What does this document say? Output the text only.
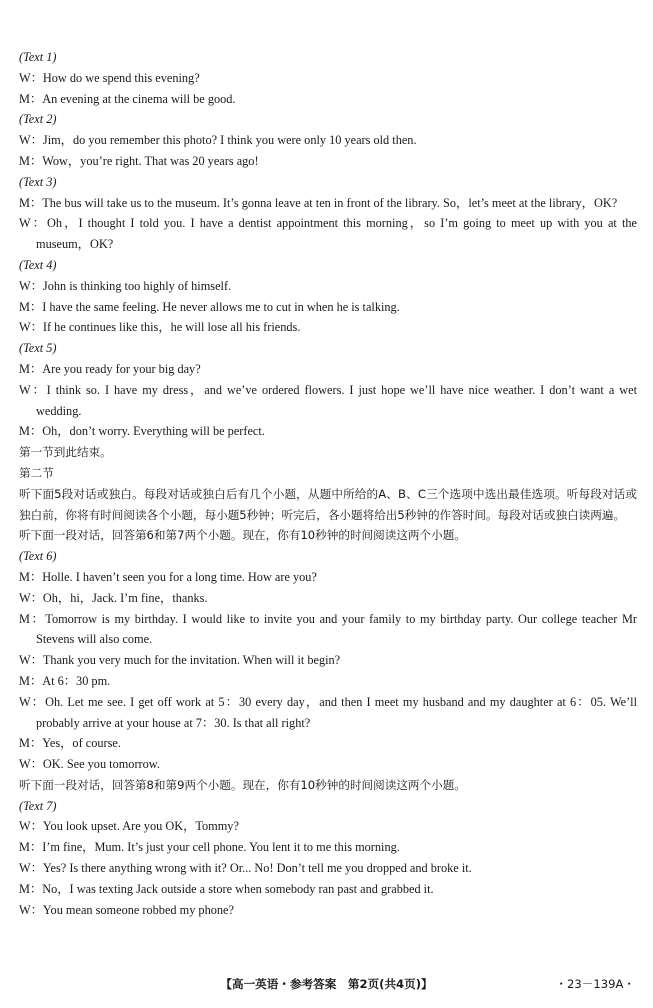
(Text 1)
W：How do we spend this evening?
M：An evening at the cinema will be good.
(Text 2)
W：Jim，do you remember this photo? I think you were only 10 years old then.
M：Wow，you’re right. That was 20 years ago!
(Text 3)
M：The bus will take us to the museum. It’s gonna leave at ten in front of the library. So，let’s meet at the library，OK?
W：Oh，I thought I told you. I have a dentist appointment this morning，so I’m going to meet up with you at the museum，OK?
(Text 4)
W：John is thinking too highly of himself.
M：I have the same feeling. He never allows me to cut in when he is talking.
W：If he continues like this，he will lose all his friends.
(Text 5)
M：Are you ready for your big day?
W：I think so. I have my dress，and we’ve ordered flowers. I just hope we’ll have nice weather. I don’t want a wet wedding.
M：Oh，don’t worry. Everything will be perfect.
第一节到此结束。
第二节
听下面5段对话或独白。每段对话或独白后有几个小题，从题中所给的A、B、C三个选项中选出最佳选项。听每段对话或独白前，你将有时间阅读各个小题，每小题5秒钟；听完后，各小题将给出5秒钟的作答时间。每段对话或独白读两遍。
听下面一段对话，回答第6和第7两个小题。现在，你有10秒钟的时间阅读这两个小题。
(Text 6)
M：Holle. I haven’t seen you for a long time. How are you?
W：Oh，hi，Jack. I’m fine，thanks.
M：Tomorrow is my birthday. I would like to invite you and your family to my birthday party. Our college teacher Mr Stevens will also come.
W：Thank you very much for the invitation. When will it begin?
M：At 6：30 pm.
W：Oh. Let me see. I get off work at 5：30 every day，and then I meet my husband and my daughter at 6：05. We’ll probably arrive at your house at 7：30. Is that all right?
M：Yes，of course.
W：OK. See you tomorrow.
听下面一段对话，回答第8和第9两个小题。现在，你有10秒钟的时间阅读这两个小题。
(Text 7)
W：You look upset. Are you OK，Tommy?
M：I’m fine，Mum. It’s just your cell phone. You lent it to me this morning.
W：Yes? Is there anything wrong with it? Or... No! Don’t tell me you dropped and broke it.
M：No，I was texting Jack outside a store when somebody ran past and grabbed it.
W：You mean someone robbed my phone?
【高一英语・参考答案　第2页(共4页)】	・23－139A・
